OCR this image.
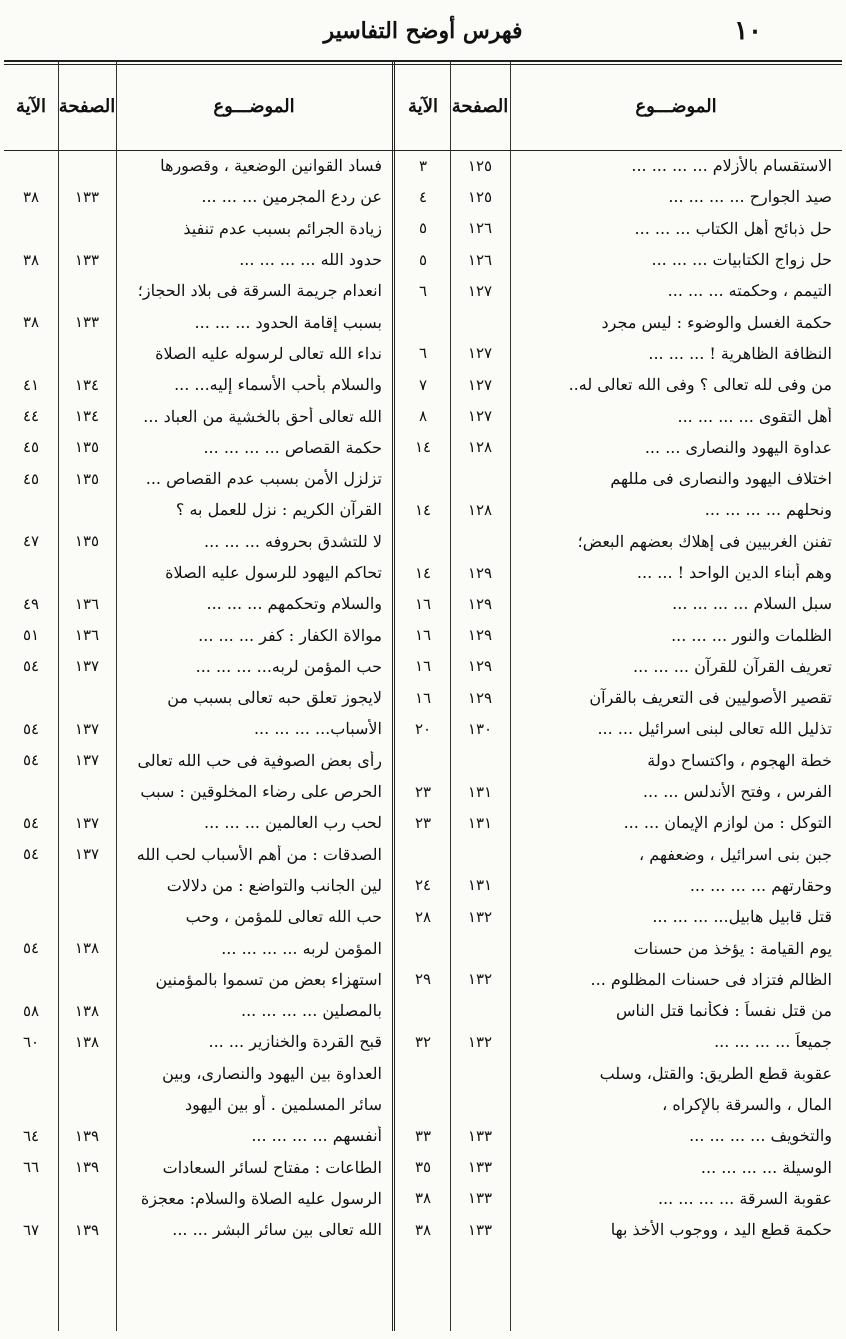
١٠
فهرس أوضح التفاسير
الموضـــوع
الصفحة
الآية
الاستقسام بالأزلام ... ... ... ...
١٢٥
٣
صيد الجوارح ... ... ... ...
١٢٥
٤
حل ذبائح أهل الكتاب ... ... ...
١٢٦
٥
حل زواج الكتابيات ... ... ...
١٢٦
٥
التيمم ، وحكمته ... ... ...
١٢٧
٦
حكمة الغسل والوضوء : ليس مجرد
النظافة الظاهرية ! ... ... ...
١٢٧
٦
من وفى لله تعالى ؟ وفى الله تعالى له..
١٢٧
٧
أهل التقوى ... ... ... ...
١٢٧
٨
عداوة اليهود والنصارى ... ...
١٢٨
١٤
اختلاف اليهود والنصارى فى مللهم
ونحلهم ... ... ... ...
١٢٨
١٤
تفنن الغربيين فى إهلاك بعضهم البعض؛
وهم أبناء الدين الواحد ! ... ...
١٢٩
١٤
سبل السلام ... ... ... ...
١٢٩
١٦
الظلمات والنور ... ... ...
١٢٩
١٦
تعريف القرآن للقرآن ... ... ...
١٢٩
١٦
تقصير الأصوليين فى التعريف بالقرآن
١٢٩
١٦
تذليل الله تعالى لبنى اسرائيل ... ...
١٣٠
٢٠
خطة الهجوم ، واكتساح دولة
الفرس ، وفتح الأندلس ... ...
١٣١
٢٣
التوكل : من لوازم الإيمان ... ...
١٣١
٢٣
جبن بنى اسرائيل ، وضعفهم ،
وحقارتهم ... ... ... ...
١٣١
٢٤
قتل قابيل هابيل... ... ... ...
١٣٢
٢٨
يوم القيامة : يؤخذ من حسنات
الظالم فتزاد فى حسنات المظلوم ...
١٣٢
٢٩
من قتل نفساً : فكأنما قتل الناس
جميعاً ... ... ... ...
١٣٢
٣٢
عقوبة قطع الطريق: والقتل، وسلب
المال ، والسرقة بالإكراه ،
والتخويف ... ... ... ...
١٣٣
٣٣
الوسيلة ... ... ... ...
١٣٣
٣٥
عقوبة السرقة ... ... ... ...
١٣٣
٣٨
حكمة قطع اليد ، ووجوب الأخذ بها
١٣٣
٣٨
الموضـــوع
الصفحة
الآية
فساد القوانين الوضعية ، وقصورها
عن ردع المجرمين ... ... ...
١٣٣
٣٨
زيادة الجرائم بسبب عدم تنفيذ
حدود الله ... ... ... ...
١٣٣
٣٨
انعدام جريمة السرقة فى بلاد الحجاز؛
بسبب إقامة الحدود ... ... ...
١٣٣
٣٨
نداء الله تعالى لرسوله عليه الصلاة
والسلام بأحب الأسماء إليه... ...
١٣٤
٤١
الله تعالى أحق بالخشية من العباد ...
١٣٤
٤٤
حكمة القصاص ... ... ... ...
١٣٥
٤٥
تزلزل الأمن بسبب عدم القصاص ...
١٣٥
٤٥
القرآن الكريم : نزل للعمل به ؟
لا للتشدق بحروفه ... ... ...
١٣٥
٤٧
تحاكم اليهود للرسول عليه الصلاة
والسلام وتحكمهم ... ... ...
١٣٦
٤٩
موالاة الكفار : كفر ... ... ...
١٣٦
٥١
حب المؤمن لربه... ... ... ...
١٣٧
٥٤
لايجوز تعلق حبه تعالى بسبب من
الأسباب... ... ... ...
١٣٧
٥٤
رأى بعض الصوفية فى حب الله تعالى
١٣٧
٥٤
الحرص على رضاء المخلوقين : سبب
لحب رب العالمين ... ... ...
١٣٧
٥٤
الصدقات : من أهم الأسباب لحب الله
١٣٧
٥٤
لين الجانب والتواضع : من دلالات
حب الله تعالى للمؤمن ، وحب
المؤمن لربه ... ... ... ...
١٣٨
٥٤
استهزاء بعض من تسموا بالمؤمنين
بالمصلين ... ... ... ...
١٣٨
٥٨
قبح القردة والخنازير ... ...
١٣٨
٦٠
العداوة بين اليهود والنصارى، وبين
سائر المسلمين . أو بين اليهود
أنفسهم ... ... ... ...
١٣٩
٦٤
الطاعات : مفتاح لسائر السعادات
١٣٩
٦٦
الرسول عليه الصلاة والسلام: معجزة
الله تعالى بين سائر البشر ... ...
١٣٩
٦٧
